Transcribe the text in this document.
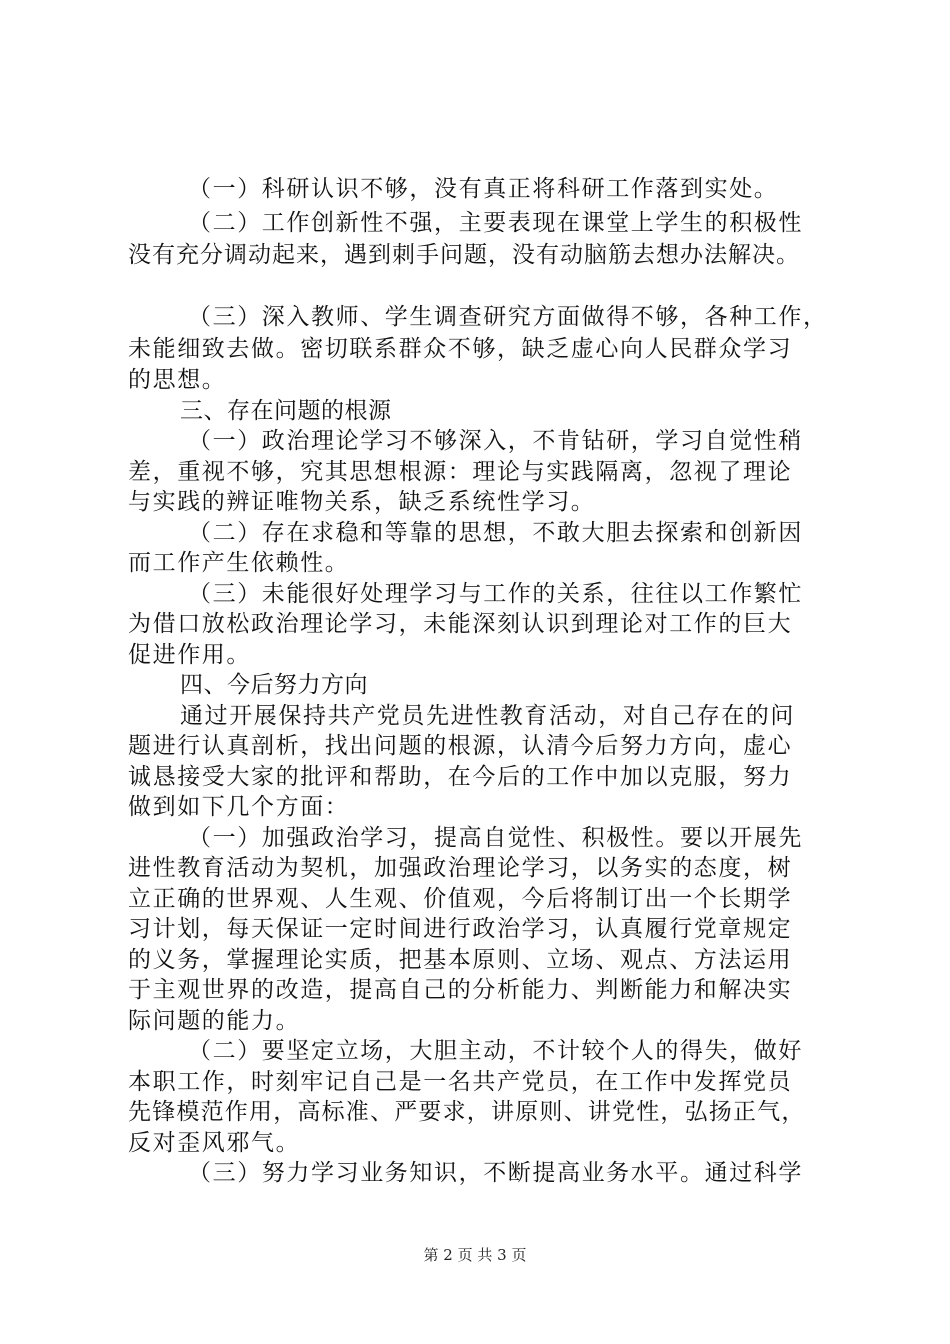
（一）科研认识不够，没有真正将科研工作落到实处。
（二）工作创新性不强，主要表现在课堂上学生的积极性
没有充分调动起来，遇到刺手问题，没有动脑筋去想办法解决。
（三）深入教师、学生调查研究方面做得不够，各种工作，
未能细致去做。密切联系群众不够，缺乏虚心向人民群众学习
的思想。
三、存在问题的根源
（一）政治理论学习不够深入，不肯钻研，学习自觉性稍
差，重视不够，究其思想根源：理论与实践隔离，忽视了理论
与实践的辨证唯物关系，缺乏系统性学习。
（二）存在求稳和等靠的思想，不敢大胆去探索和创新因
而工作产生依赖性。
（三）未能很好处理学习与工作的关系，往往以工作繁忙
为借口放松政治理论学习，未能深刻认识到理论对工作的巨大
促进作用。
四、今后努力方向
通过开展保持共产党员先进性教育活动，对自己存在的问
题进行认真剖析，找出问题的根源，认清今后努力方向，虚心
诚恳接受大家的批评和帮助，在今后的工作中加以克服，努力
做到如下几个方面：
（一）加强政治学习，提高自觉性、积极性。要以开展先
进性教育活动为契机，加强政治理论学习，以务实的态度，树
立正确的世界观、人生观、价值观，今后将制订出一个长期学
习计划，每天保证一定时间进行政治学习，认真履行党章规定
的义务，掌握理论实质，把基本原则、立场、观点、方法运用
于主观世界的改造，提高自己的分析能力、判断能力和解决实
际问题的能力。
（二）要坚定立场，大胆主动，不计较个人的得失，做好
本职工作，时刻牢记自己是一名共产党员，在工作中发挥党员
先锋模范作用，高标准、严要求，讲原则、讲党性，弘扬正气，
反对歪风邪气。
（三）努力学习业务知识，不断提高业务水平。通过科学
第 2 页 共 3 页
